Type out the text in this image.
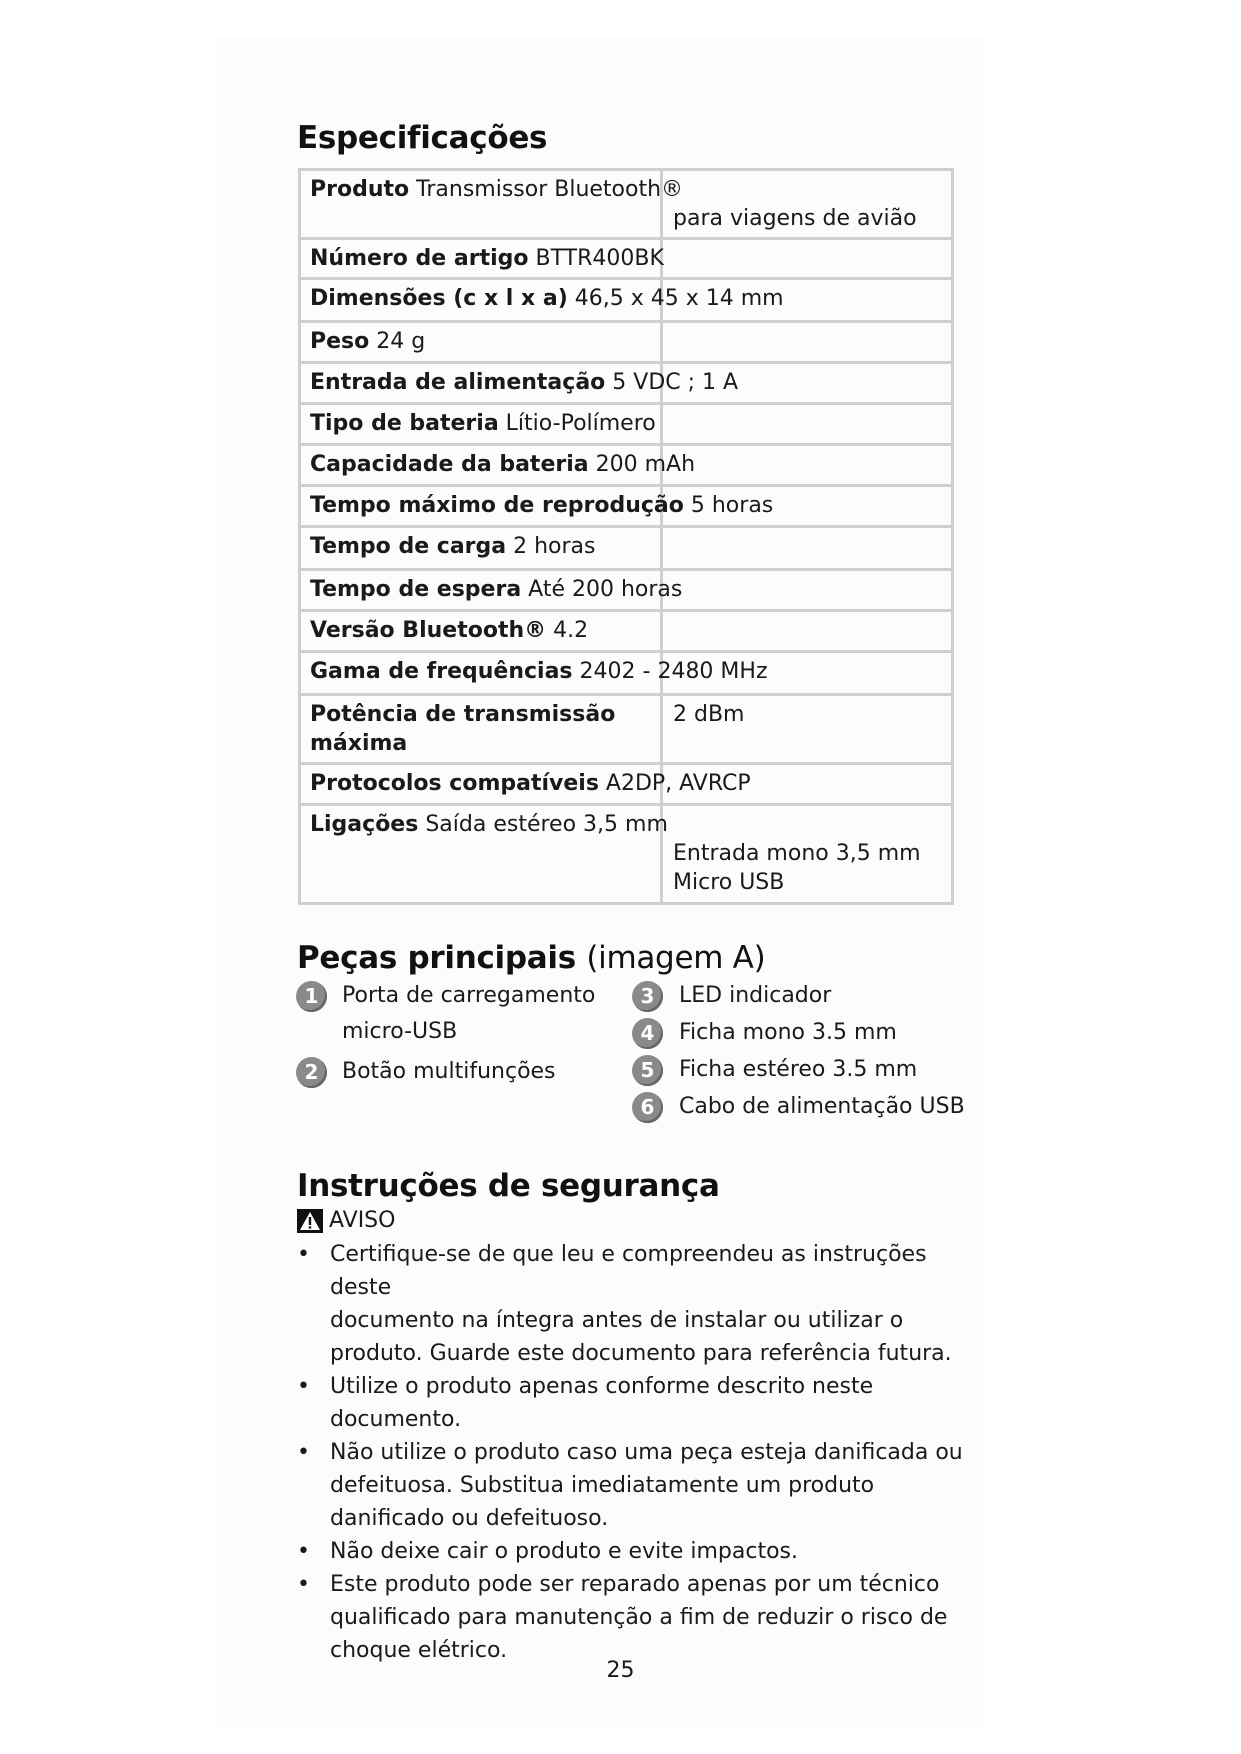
Especificações
Produto Transmissor Bluetooth®	para viagens de avião

Número de artigo BTTR400BK	

Dimensões (c x l x a) 46,5 x 45 x 14 mm	

Peso 24 g	

Entrada de alimentação 5 VDC ; 1 A	

Tipo de bateria Lítio-Polímero	

Capacidade da bateria 200 mAh	

Tempo máximo de reprodução 5 horas	

Tempo de carga 2 horas	

Tempo de espera Até 200 horas	

Versão Bluetooth® 4.2	

Gama de frequências 2402 - 2480 MHz	

Potência de transmissão máxima	2 dBm

Protocolos compatíveis A2DP, AVRCP	

Ligações Saída estéreo 3,5 mm	Entrada mono 3,5 mm
Micro USB
Peças principais (imagem A)
1	Porta de carregamento
micro-USB
2	Botão multifunções
3	LED indicador
4	Ficha mono 3.5 mm
5	Ficha estéreo 3.5 mm
6	Cabo de alimentação USB
Instruções de segurança
AVISO
• Certifique-se de que leu e compreendeu as instruções deste
documento na íntegra antes de instalar ou utilizar o
produto. Guarde este documento para referência futura.
• Utilize o produto apenas conforme descrito neste
documento.
• Não utilize o produto caso uma peça esteja danificada ou
defeituosa. Substitua imediatamente um produto
danificado ou defeituoso.
• Não deixe cair o produto e evite impactos.
• Este produto pode ser reparado apenas por um técnico
qualificado para manutenção a fim de reduzir o risco de
choque elétrico.
25
